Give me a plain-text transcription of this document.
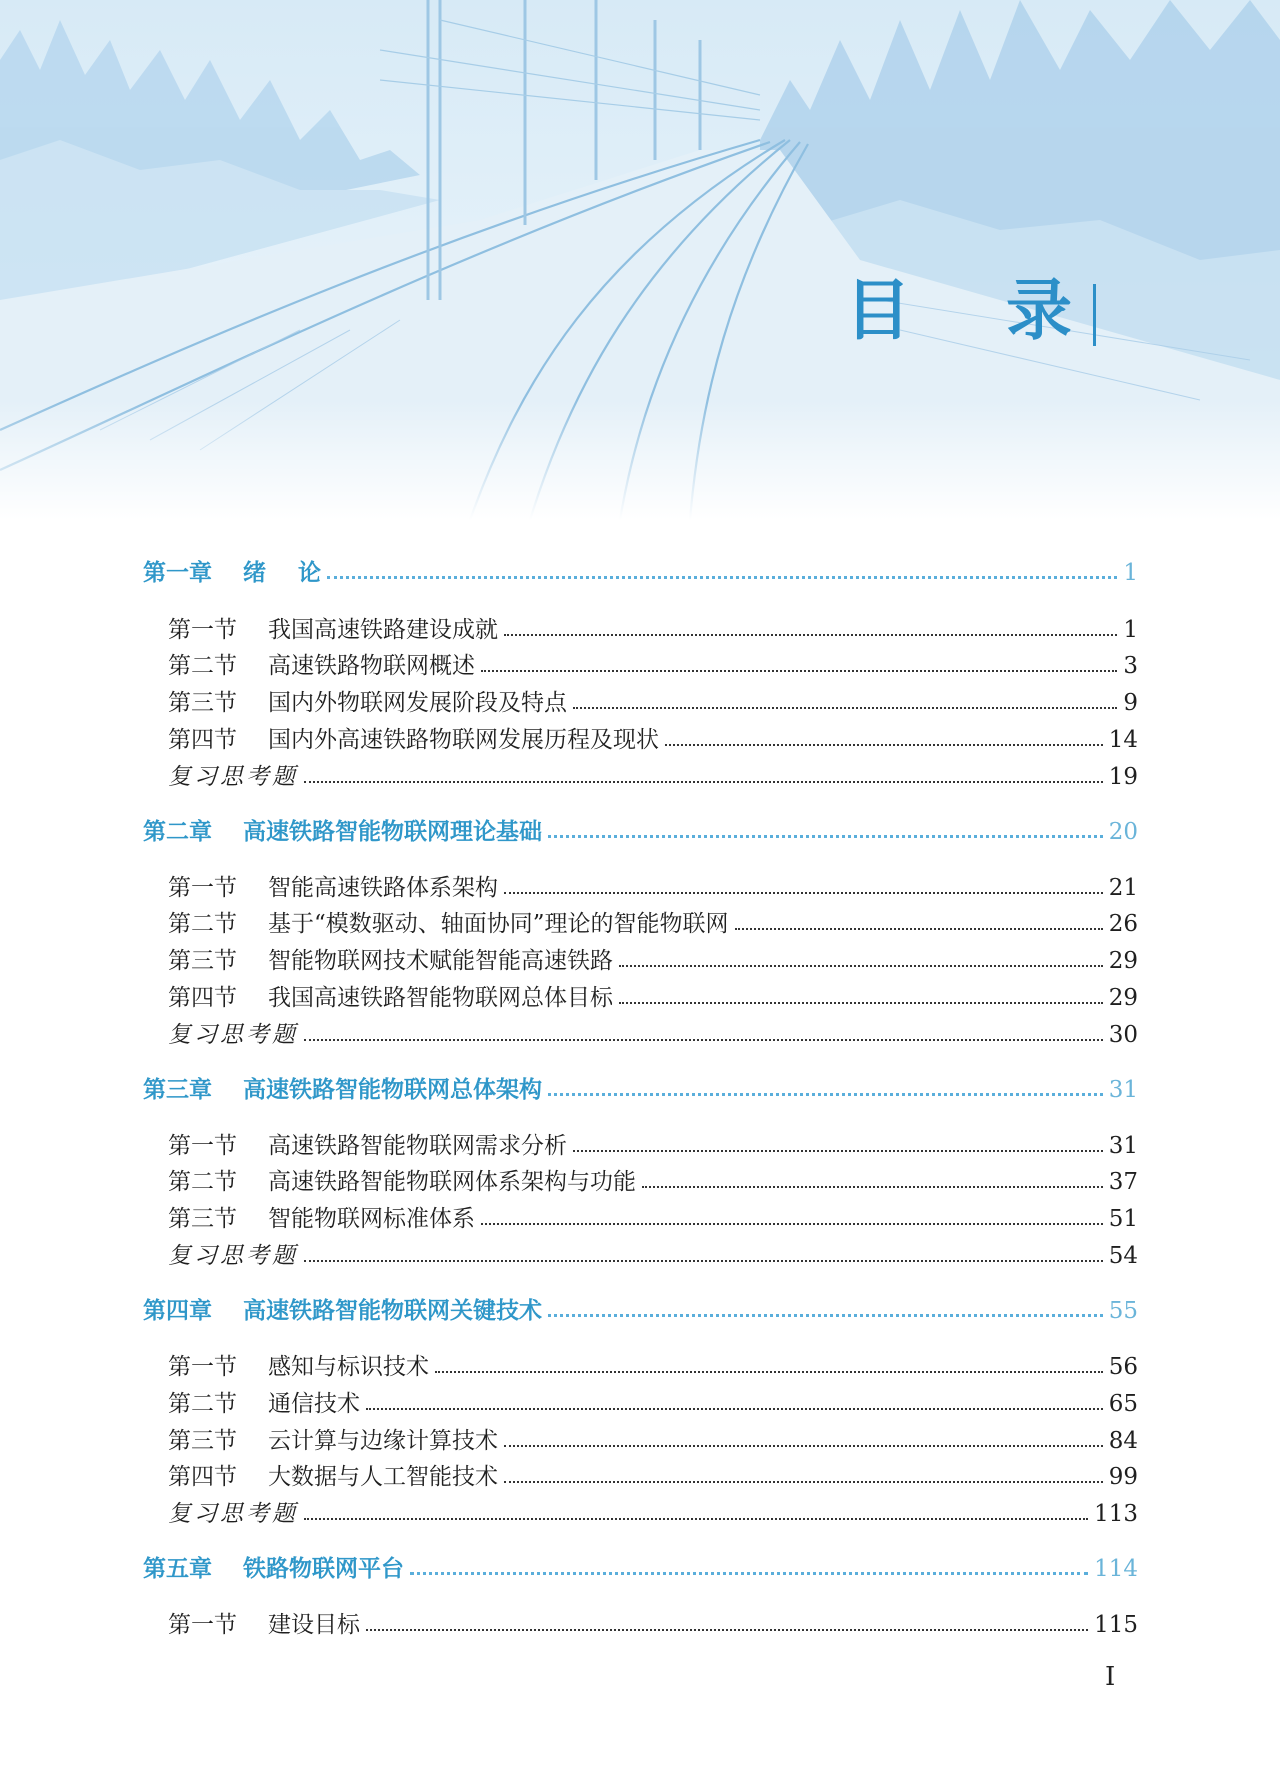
目 录
第一章	绪    论	1
第一节	我国高速铁路建设成就	1
第二节	高速铁路物联网概述	3
第三节	国内外物联网发展阶段及特点	9
第四节	国内外高速铁路物联网发展历程及现状	14
复习思考题	19
第二章	高速铁路智能物联网理论基础	20
第一节	智能高速铁路体系架构	21
第二节	基于“模数驱动、轴面协同”理论的智能物联网	26
第三节	智能物联网技术赋能智能高速铁路	29
第四节	我国高速铁路智能物联网总体目标	29
复习思考题	30
第三章	高速铁路智能物联网总体架构	31
第一节	高速铁路智能物联网需求分析	31
第二节	高速铁路智能物联网体系架构与功能	37
第三节	智能物联网标准体系	51
复习思考题	54
第四章	高速铁路智能物联网关键技术	55
第一节	感知与标识技术	56
第二节	通信技术	65
第三节	云计算与边缘计算技术	84
第四节	大数据与人工智能技术	99
复习思考题	113
第五章	铁路物联网平台	114
第一节	建设目标	115
I
